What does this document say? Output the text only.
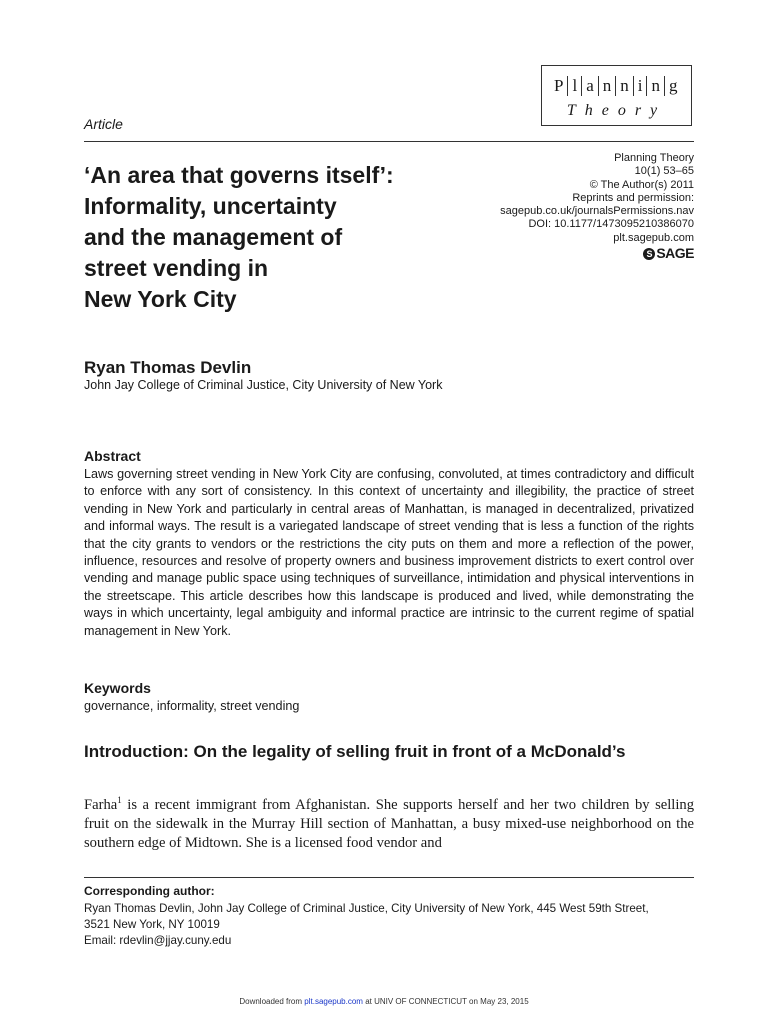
P l a n n i n g
Theory
Article
‘An area that governs itself’:
Informality, uncertainty
and the management of
street vending in
New York City
Planning Theory
10(1) 53–65
© The Author(s) 2011
Reprints and permission:
sagepub.co.uk/journalsPermissions.nav
DOI: 10.1177/1473095210386070
plt.sagepub.com
S SAGE
Ryan Thomas Devlin
John Jay College of Criminal Justice, City University of New York
Abstract
Laws governing street vending in New York City are confusing, convoluted, at times contradictory and difficult to enforce with any sort of consistency. In this context of uncertainty and illegibility, the practice of street vending in New York and particularly in central areas of Manhattan, is managed in decentralized, privatized and informal ways. The result is a variegated landscape of street vending that is less a function of the rights that the city grants to vendors or the restrictions the city puts on them and more a reflection of the power, influence, resources and resolve of property owners and business improvement districts to exert control over vending and manage public space using techniques of surveillance, intimidation and physical interventions in the streetscape. This article describes how this landscape is produced and lived, while demonstrating the ways in which uncertainty, legal ambiguity and informal practice are intrinsic to the current regime of spatial management in New York.
Keywords
governance, informality, street vending
Introduction: On the legality of selling fruit in front of a McDonald’s
Farha$^1$ is a recent immigrant from Afghanistan. She supports herself and her two children by selling fruit on the sidewalk in the Murray Hill section of Manhattan, a busy mixed-use neighborhood on the southern edge of Midtown. She is a licensed food vendor and
Corresponding author:
Ryan Thomas Devlin, John Jay College of Criminal Justice, City University of New York, 445 West 59th Street,
3521 New York, NY 10019
Email: rdevlin@jjay.cuny.edu
Downloaded from plt.sagepub.com at UNIV OF CONNECTICUT on May 23, 2015
